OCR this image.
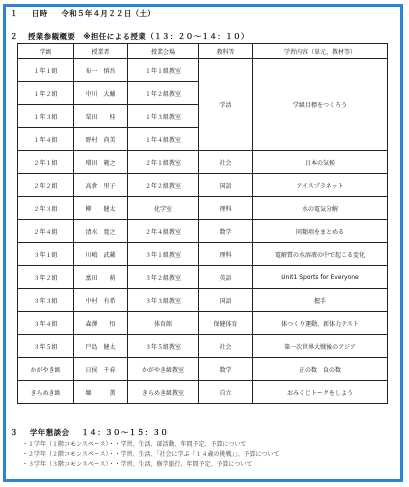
１ 日時 令和５年４月２２日（土）
２ 授業参観概要　※担任による授業（１３：２０～１４：１０）
学級	授業者	授業会場	教科等	学習内容（単元、教材等）
１年１組	布一　慎吾	１年１組教室	学活	学級目標をつくろう
１年２組	中川　大輔	１年２組教室		
１年３組	栗田　　桂	１年３組教室		
１年４組	野村　尚美	１年４組教室		
２年１組	増田　範之	２年１組教室	社会	日本の気候
２年２組	高倉　里子	２年２組教室	国語	アイスプラネット
２年３組	柳　　健太	化学室	理科	水の電気分解
２年４組	清水　寛之	２年４組教室	数学	同類項をまとめる
３年１組	川嶋　武蔵	３年１組教室	理科	電解質の水溶液の中で起こる変化
３年２組	富田　　萌	３年２組教室	英語	Unit1 Sports for Everyone
３年３組	中村　有希	３年３組教室	国語	握手
３年４組	森澤　　悟	体育館	保健体育	体つくり運動、新体力テスト
３年５組	戸島　健太	３年５組教室	社会	第一次世界大戦後のアジア
かがやき級	日侯　千春	かがやき級教室	数学	正の数　負の数
きらめき級	堀　　　薫	きらめき級教室	自立	おみくじトークをしよう
３ 学年懇談会 １４：３０～１５：３０
・１学年（１階コモンスペース）・・学習、生活、部活動、年間予定、予算について
・２学年（２階コモンスペース）・・学習、生活、「社会に学ぶ『１４歳の挑戦』」、予算について
・３学年（３階コモンスペース）・・学習、生活、修学旅行、年間予定、予算について
